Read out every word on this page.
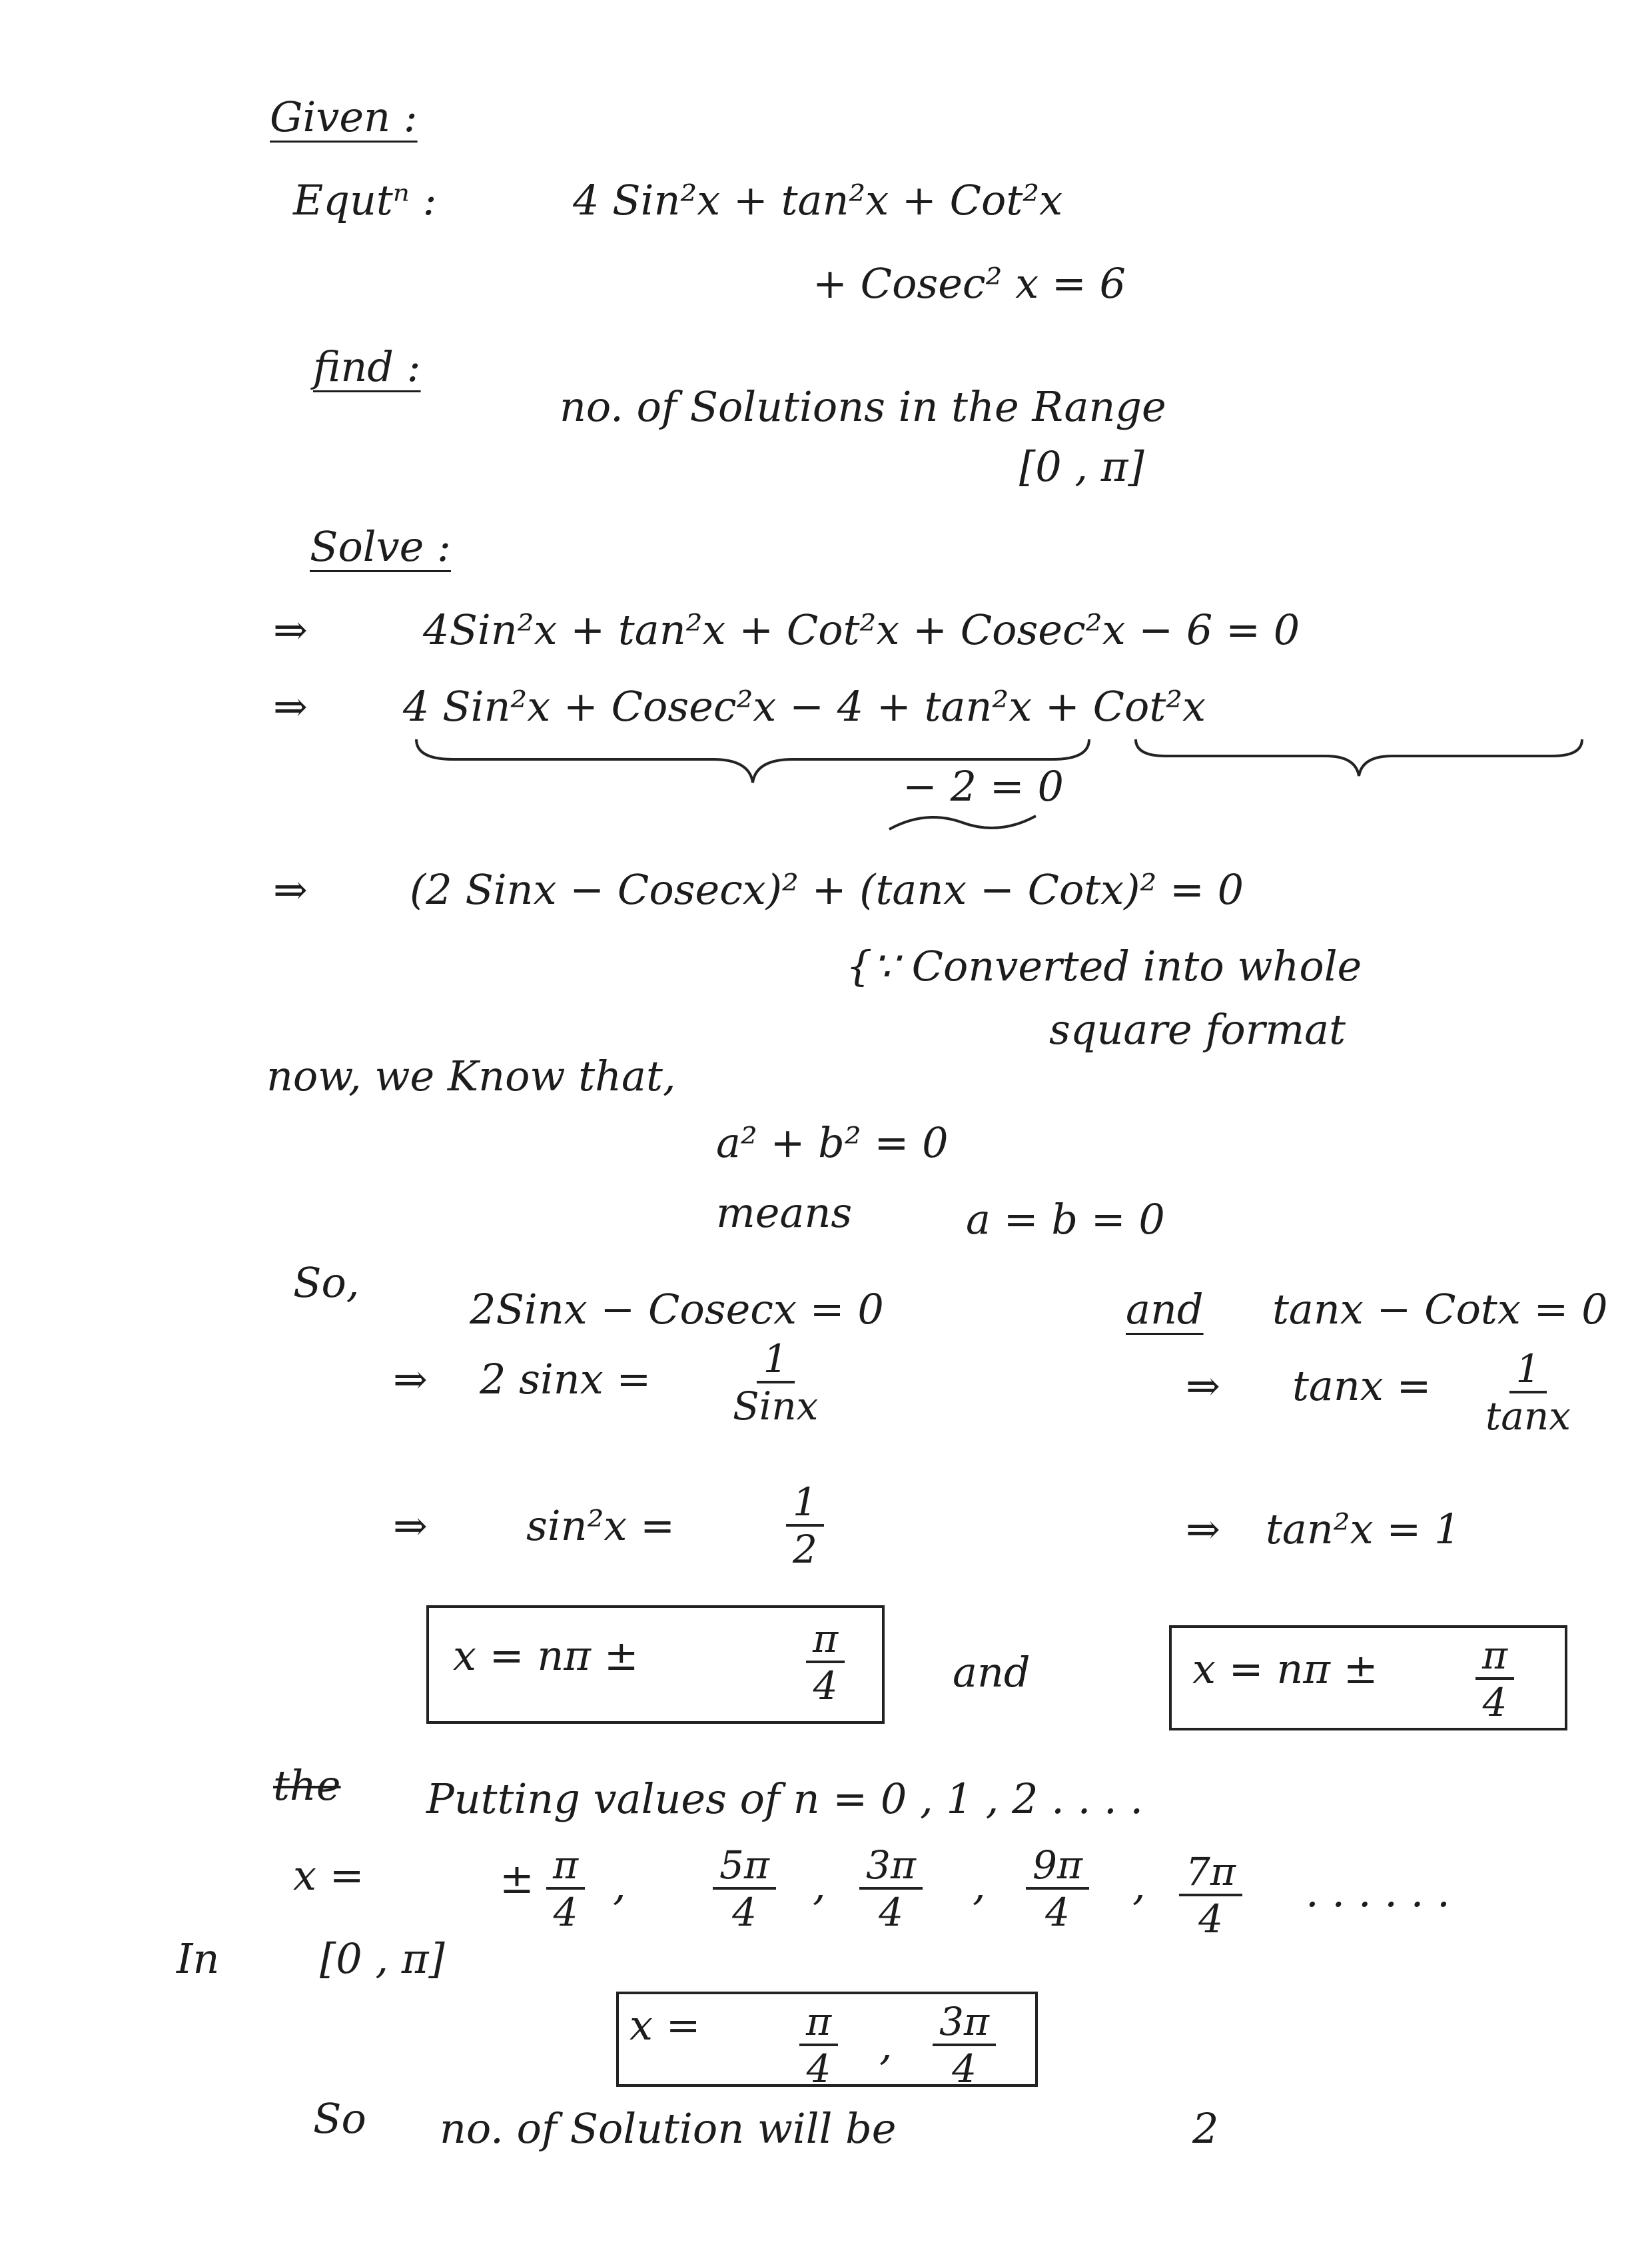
Given :
Equtⁿ :	4 Sin²x + tan²x + Cot²x
+ Cosec² x = 6
find :
no. of Solutions in the Range
[0 , π]
Solve :
⇒	4Sin²x + tan²x + Cot²x + Cosec²x − 6 = 0
⇒ 4 Sin²x + Cosec²x − 4 + tan²x + Cot²x
− 2 = 0
⇒ (2 Sinx − Cosecx)² + (tanx − Cotx)² = 0
{∵ Converted into whole
square format
now, we Know that,
a² + b² = 0
means	a = b = 0
So,
2Sinx − Cosecx = 0	and tanx − Cotx = 0
⇒ 2 sinx =	1
Sinx	⇒ $\tan x = \frac{1}{\tan x}$
⇒ sin²x =	$\frac{1}{2}$	⇒ tan²x = 1
x = nπ ±	$\frac{\pi}{4}$	and	x = nπ ±	$\frac{\pi}{4}$
the Putting values of n = 0 , 1 , 2 . . . .
x =	± $\frac{\pi}{4}$ , $\frac{5\pi}{4}$ , $\frac{3\pi}{4}$ , $\frac{9\pi}{4}$ , $\frac{7\pi}{4}$ . . . . . .
In [0 , π]
x =	$\frac{\pi}{4}$ , $\frac{3\pi}{4}$
So no. of Solution will be	2
